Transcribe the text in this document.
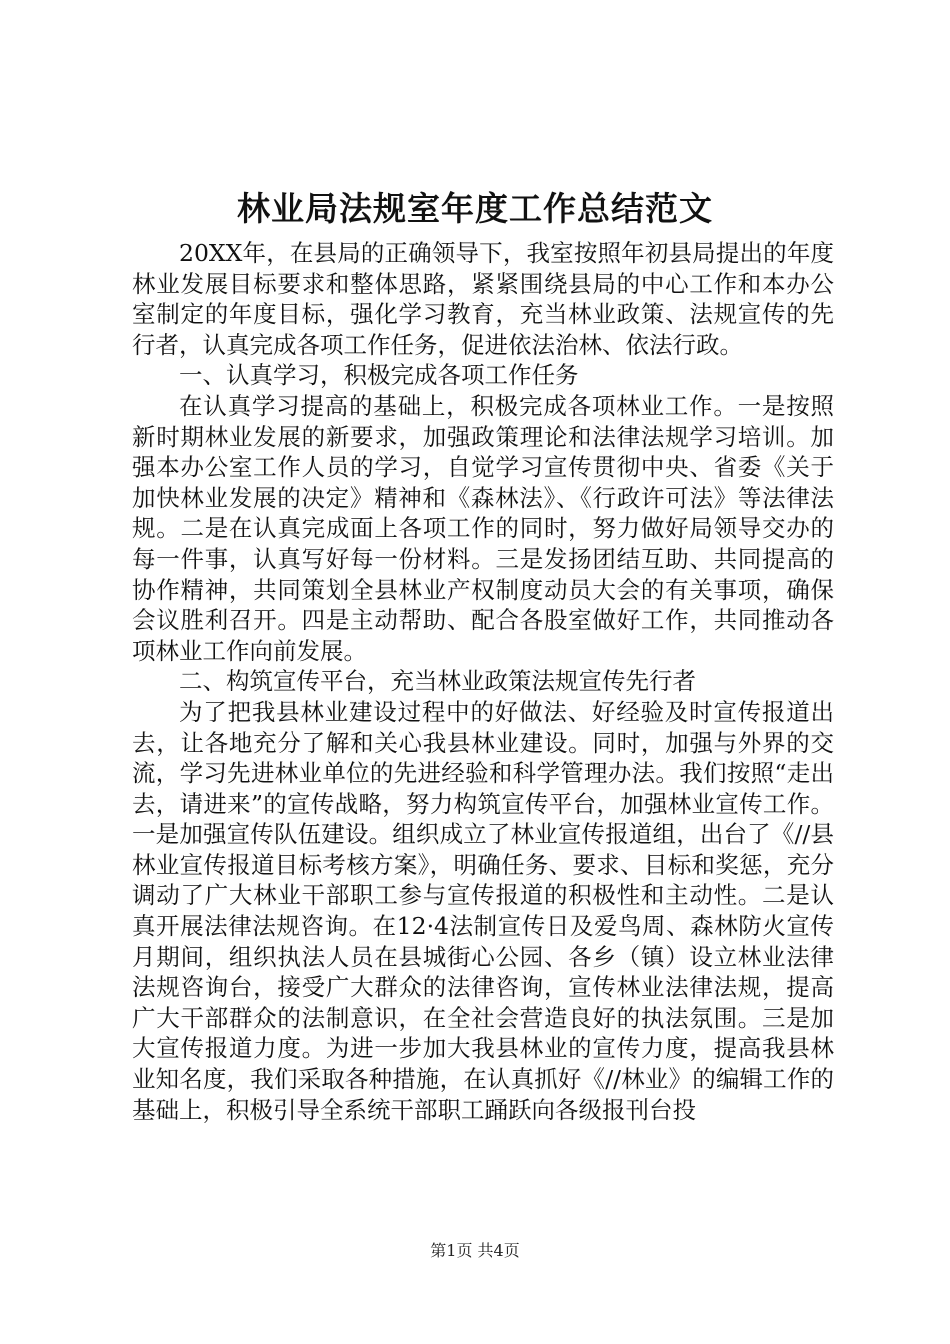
林业局法规室年度工作总结范文

20XX年，在县局的正确领导下，我室按照年初县局提出的年度林业发展目标要求和整体思路，紧紧围绕县局的中心工作和本办公室制定的年度目标，强化学习教育，充当林业政策、法规宣传的先行者，认真完成各项工作任务，促进依法治林、依法行政。

一、认真学习，积极完成各项工作任务

在认真学习提高的基础上，积极完成各项林业工作。一是按照新时期林业发展的新要求，加强政策理论和法律法规学习培训。加强本办公室工作人员的学习，自觉学习宣传贯彻中央、省委《关于加快林业发展的决定》精神和《森林法》、《行政许可法》等法律法规。二是在认真完成面上各项工作的同时，努力做好局领导交办的每一件事，认真写好每一份材料。三是发扬团结互助、共同提高的协作精神，共同策划全县林业产权制度动员大会的有关事项，确保会议胜利召开。四是主动帮助、配合各股室做好工作，共同推动各项林业工作向前发展。

二、构筑宣传平台，充当林业政策法规宣传先行者

为了把我县林业建设过程中的好做法、好经验及时宣传报道出去，让各地充分了解和关心我县林业建设。同时，加强与外界的交流，学习先进林业单位的先进经验和科学管理办法。我们按照“走出去，请进来”的宣传战略，努力构筑宣传平台，加强林业宣传工作。一是加强宣传队伍建设。组织成立了林业宣传报道组，出台了《//县林业宣传报道目标考核方案》，明确任务、要求、目标和奖惩，充分调动了广大林业干部职工参与宣传报道的积极性和主动性。二是认真开展法律法规咨询。在12·4法制宣传日及爱鸟周、森林防火宣传月期间，组织执法人员在县城街心公园、各乡（镇）设立林业法律法规咨询台，接受广大群众的法律咨询，宣传林业法律法规，提高广大干部群众的法制意识，在全社会营造良好的执法氛围。三是加大宣传报道力度。为进一步加大我县林业的宣传力度，提高我县林业知名度，我们采取各种措施，在认真抓好《//林业》的编辑工作的基础上，积极引导全系统干部职工踊跃向各级报刊台投

第1页 共4页
